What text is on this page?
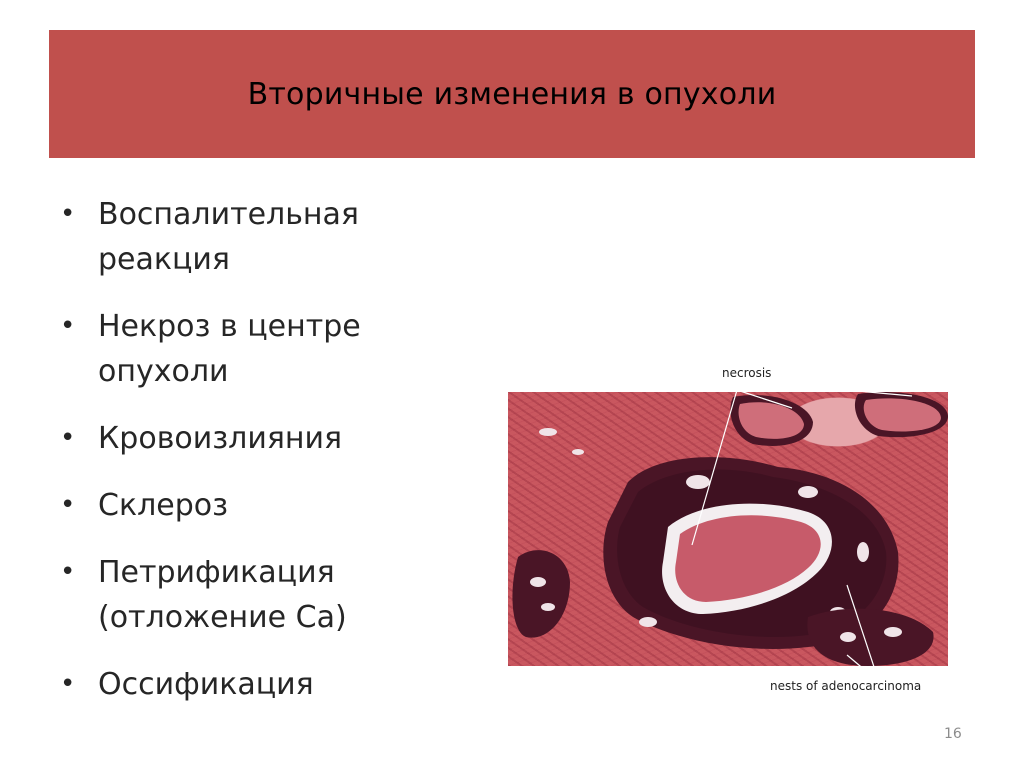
Вторичные изменения в опухоли
• Воспалительная реакция
• Некроз в центре опухоли
• Кровоизлияния
• Склероз
• Петрификация
(отложение Ca)
• Оссификация
necrosis
nests of adenocarcinoma
16
